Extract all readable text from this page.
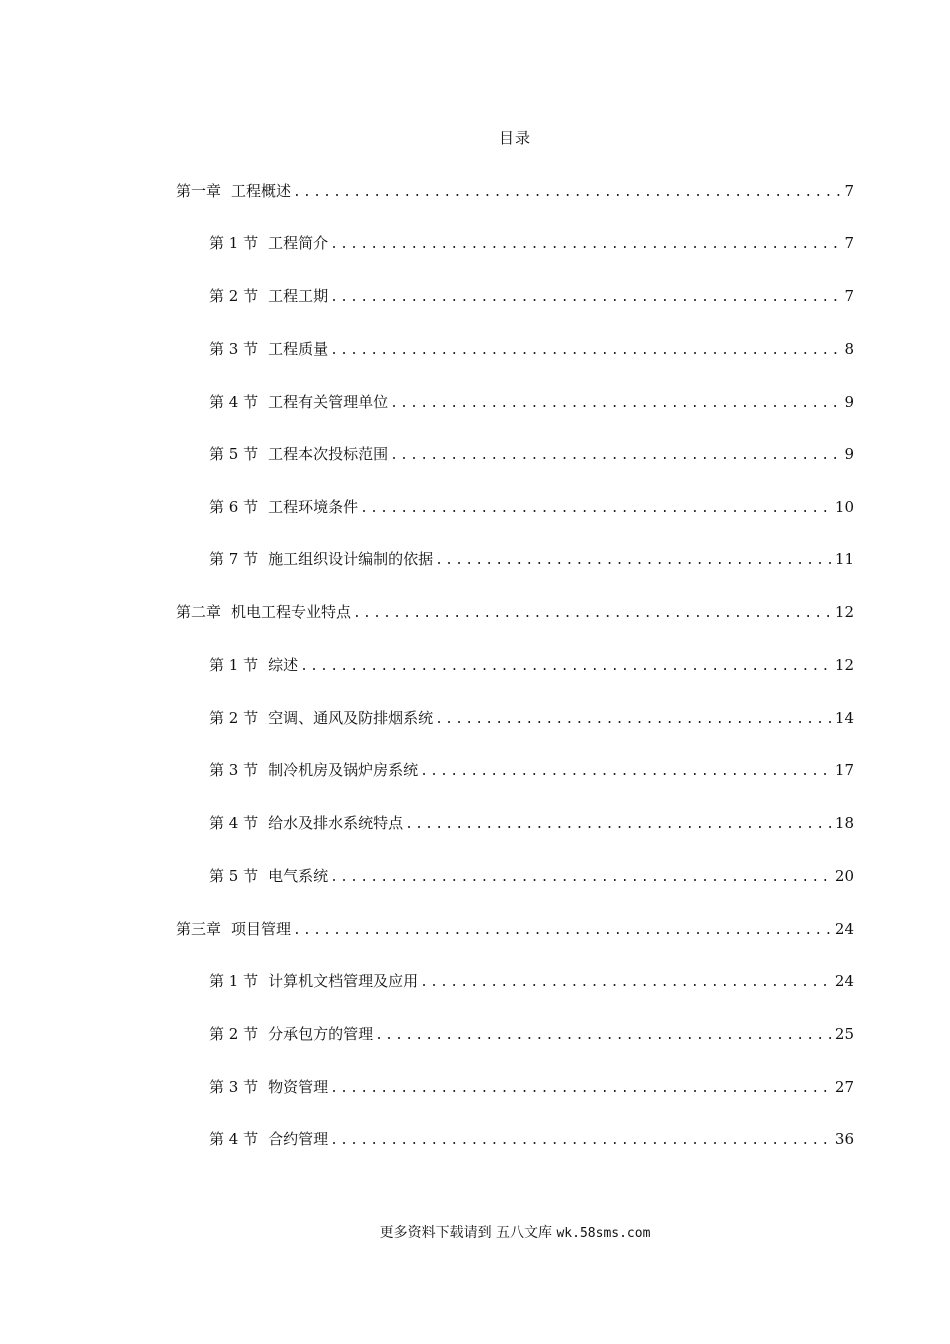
目录
第一章 工程概述 .....	7
第 1 节 工程简介 .....	7
第 2 节 工程工期 .....	7
第 3 节 工程质量 .....	8
第 4 节 工程有关管理单位 .....	9
第 5 节 工程本次投标范围 .....	9
第 6 节 工程环境条件 .....	10
第 7 节 施工组织设计编制的依据 .....	11
第二章 机电工程专业特点 .....	12
第 1 节 综述 .....	12
第 2 节 空调、通风及防排烟系统 .....	14
第 3 节 制冷机房及锅炉房系统 .....	17
第 4 节 给水及排水系统特点 .....	18
第 5 节 电气系统 .....	20
第三章 项目管理 .....	24
第 1 节 计算机文档管理及应用 .....	24
第 2 节 分承包方的管理 .....	25
第 3 节 物资管理 .....	27
第 4 节 合约管理 .....	36
更多资料下载请到 五八文库 wk.58sms.com
